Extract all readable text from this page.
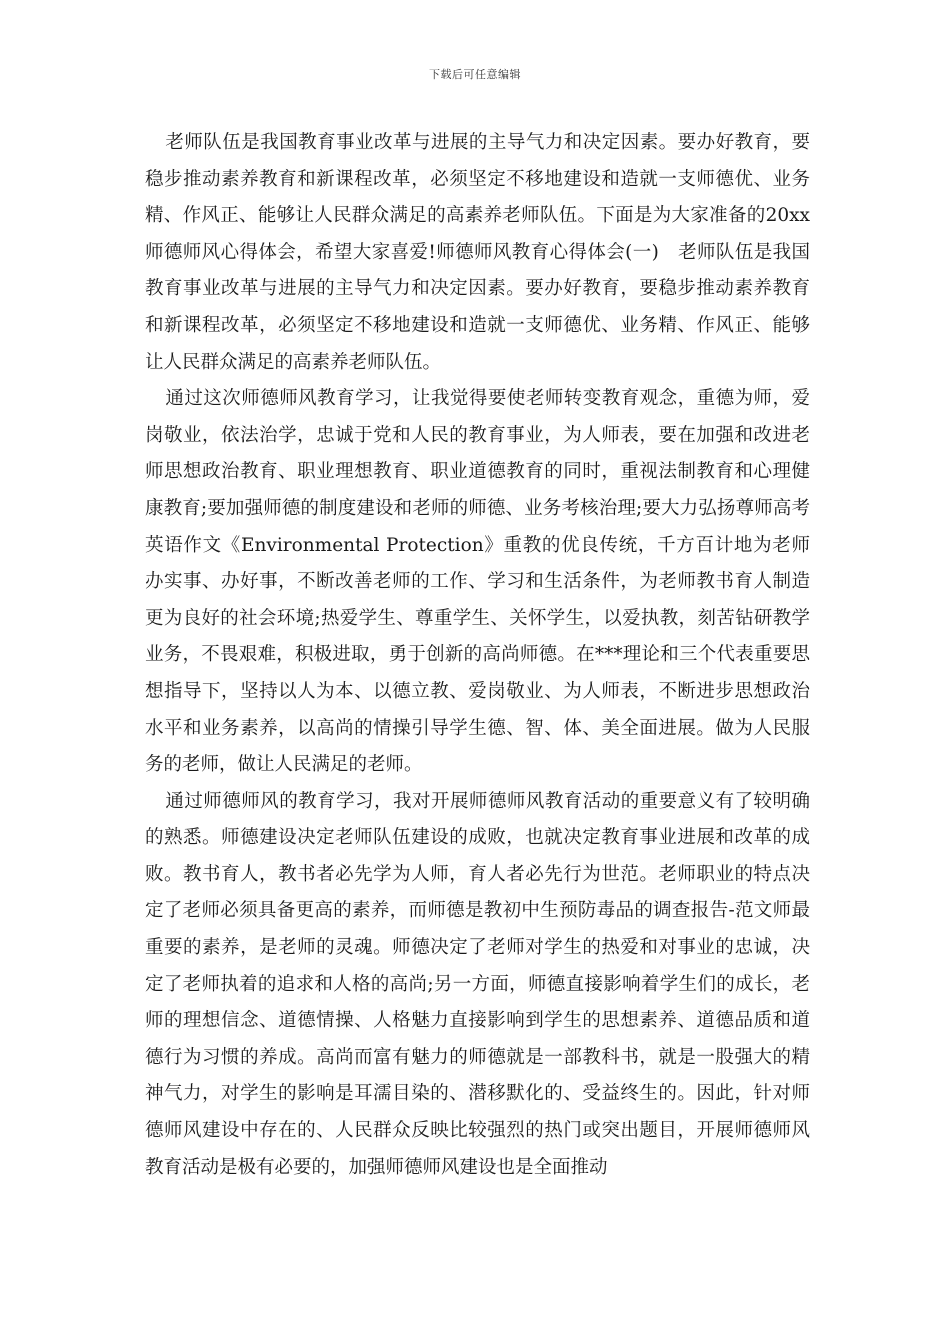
下载后可任意编辑

老师队伍是我国教育事业改革与进展的主导气力和决定因素。要办好教育，要稳步推动素养教育和新课程改革，必须坚定不移地建设和造就一支师德优、业务精、作风正、能够让人民群众满足的高素养老师队伍。下面是为大家准备的20xx师德师风心得体会，希望大家喜爱!师德师风教育心得体会(一)　老师队伍是我国教育事业改革与进展的主导气力和决定因素。要办好教育，要稳步推动素养教育和新课程改革，必须坚定不移地建设和造就一支师德优、业务精、作风正、能够让人民群众满足的高素养老师队伍。

通过这次师德师风教育学习，让我觉得要使老师转变教育观念，重德为师，爱岗敬业，依法治学，忠诚于党和人民的教育事业，为人师表，要在加强和改进老师思想政治教育、职业理想教育、职业道德教育的同时，重视法制教育和心理健康教育;要加强师德的制度建设和老师的师德、业务考核治理;要大力弘扬尊师高考英语作文《Environmental Protection》重教的优良传统，千方百计地为老师办实事、办好事，不断改善老师的工作、学习和生活条件，为老师教书育人制造更为良好的社会环境;热爱学生、尊重学生、关怀学生，以爱执教，刻苦钻研教学业务，不畏艰难，积极进取，勇于创新的高尚师德。在***理论和三个代表重要思想指导下，坚持以人为本、以德立教、爱岗敬业、为人师表，不断进步思想政治水平和业务素养，以高尚的情操引导学生德、智、体、美全面进展。做为人民服务的老师，做让人民满足的老师。

通过师德师风的教育学习，我对开展师德师风教育活动的重要意义有了较明确的熟悉。师德建设决定老师队伍建设的成败，也就决定教育事业进展和改革的成败。教书育人，教书者必先学为人师，育人者必先行为世范。老师职业的特点决定了老师必须具备更高的素养，而师德是教初中生预防毒品的调查报告-范文师最重要的素养，是老师的灵魂。师德决定了老师对学生的热爱和对事业的忠诚，决定了老师执着的追求和人格的高尚;另一方面，师德直接影响着学生们的成长，老师的理想信念、道德情操、人格魅力直接影响到学生的思想素养、道德品质和道德行为习惯的养成。高尚而富有魅力的师德就是一部教科书，就是一股强大的精神气力，对学生的影响是耳濡目染的、潜移默化的、受益终生的。因此，针对师德师风建设中存在的、人民群众反映比较强烈的热门或突出题目，开展师德师风教育活动是极有必要的，加强师德师风建设也是全面推动
